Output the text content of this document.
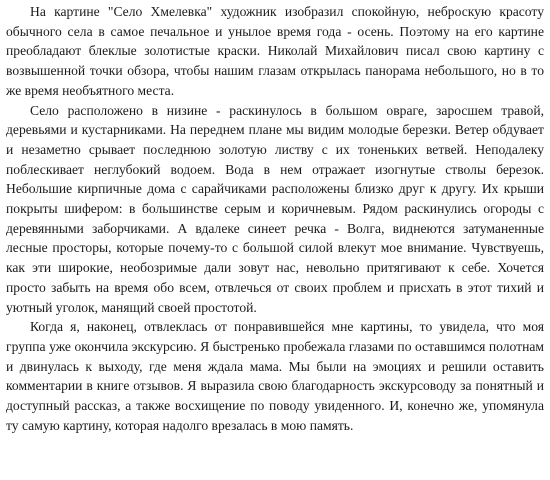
На картине "Село Хмелевка" художник изобразил спокойную, неброскую красоту обычного села в самое печальное и унылое время года - осень. Поэтому на его картине преобладают блеклые золотистые краски. Николай Михайлович писал свою картину с возвышенной точки обзора, чтобы нашим глазам открылась панорама небольшого, но в то же время необъятного места.

Село расположено в низине - раскинулось в большом овраге, заросшем травой, деревьями и кустарниками. На переднем плане мы видим молодые березки. Ветер обдувает и незаметно срывает последнюю золотую листву с их тоненьких ветвей. Неподалеку поблескивает неглубокий водоем. Вода в нем отражает изогнутые стволы березок. Небольшие кирпичные дома с сарайчиками расположены близко друг к другу. Их крыши покрыты шифером: в большинстве серым и коричневым. Рядом раскинулись огороды с деревянными заборчиками. А вдалеке синеет речка - Волга, виднеются затуманенные лесные просторы, которые почему-то с большой силой влекут мое внимание. Чувствуешь, как эти широкие, необозримые дали зовут нас, невольно притягивают к себе. Хочется просто забыть на время обо всем, отвлечься от своих проблем и присхать в этот тихий и уютный уголок, манящий своей простотой.

Когда я, наконец, отвлеклась от понравившейся мне картины, то увидела, что моя группа уже окончила экскурсию. Я быстренько пробежала глазами по оставшимся полотнам и двинулась к выходу, где меня ждала мама. Мы были на эмоциях и решили оставить комментарии в книге отзывов. Я выразила свою благодарность экскурсоводу за понятный и доступный рассказ, а также восхищение по поводу увиденного. И, конечно же, упомянула ту самую картину, которая надолго врезалась в мою память.
